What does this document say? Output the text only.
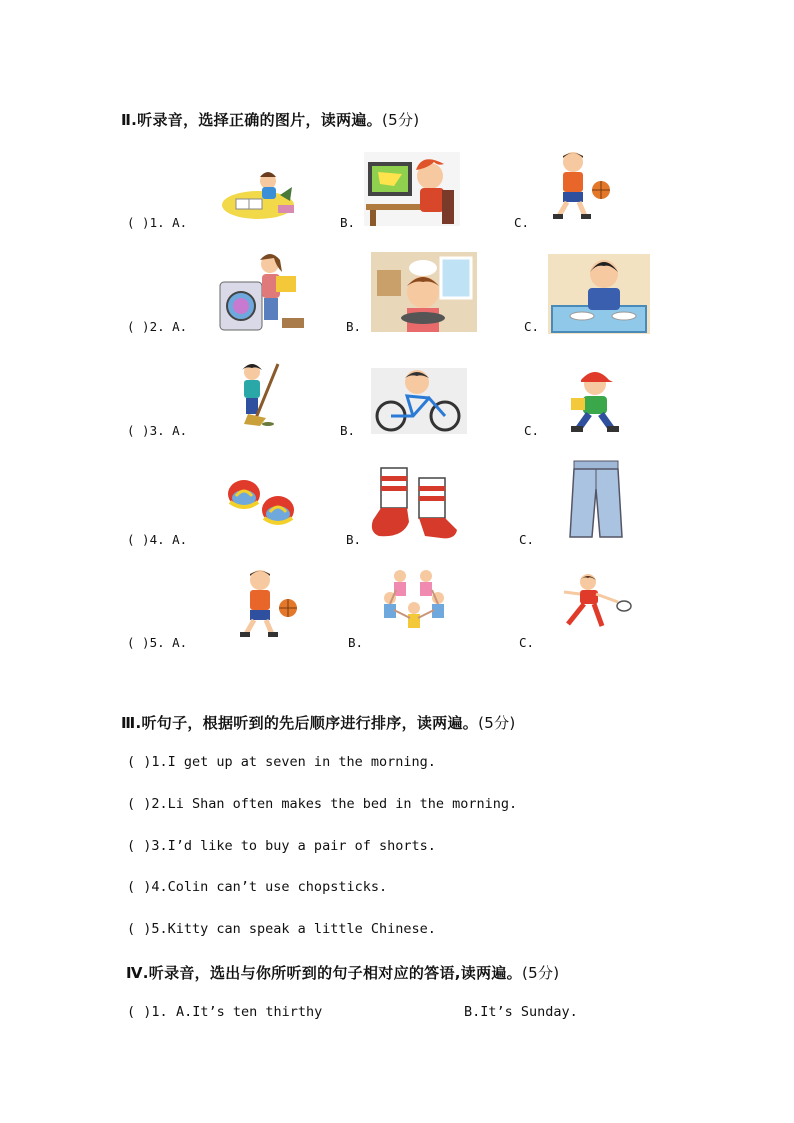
Ⅱ.听录音，选择正确的图片，读两遍。(5分)
( )1. A.	B.	C.
( )2. A.	B.	C.
( )3. A.	B.	C.
( )4. A.	B.	C.
( )5. A.	B.	C.
Ⅲ.听句子，根据听到的先后顺序进行排序，读两遍。(5分)
( )1.I get up at seven in the morning.
( )2.Li Shan often makes the bed in the morning.
( )3.I’d like to buy a pair of shorts.
( )4.Colin can’t use chopsticks.
( )5.Kitty can speak a little Chinese.
Ⅳ.听录音，选出与你所听到的句子相对应的答语,读两遍。(5分)
( )1. A.It’s ten thirthy	B.It’s Sunday.
